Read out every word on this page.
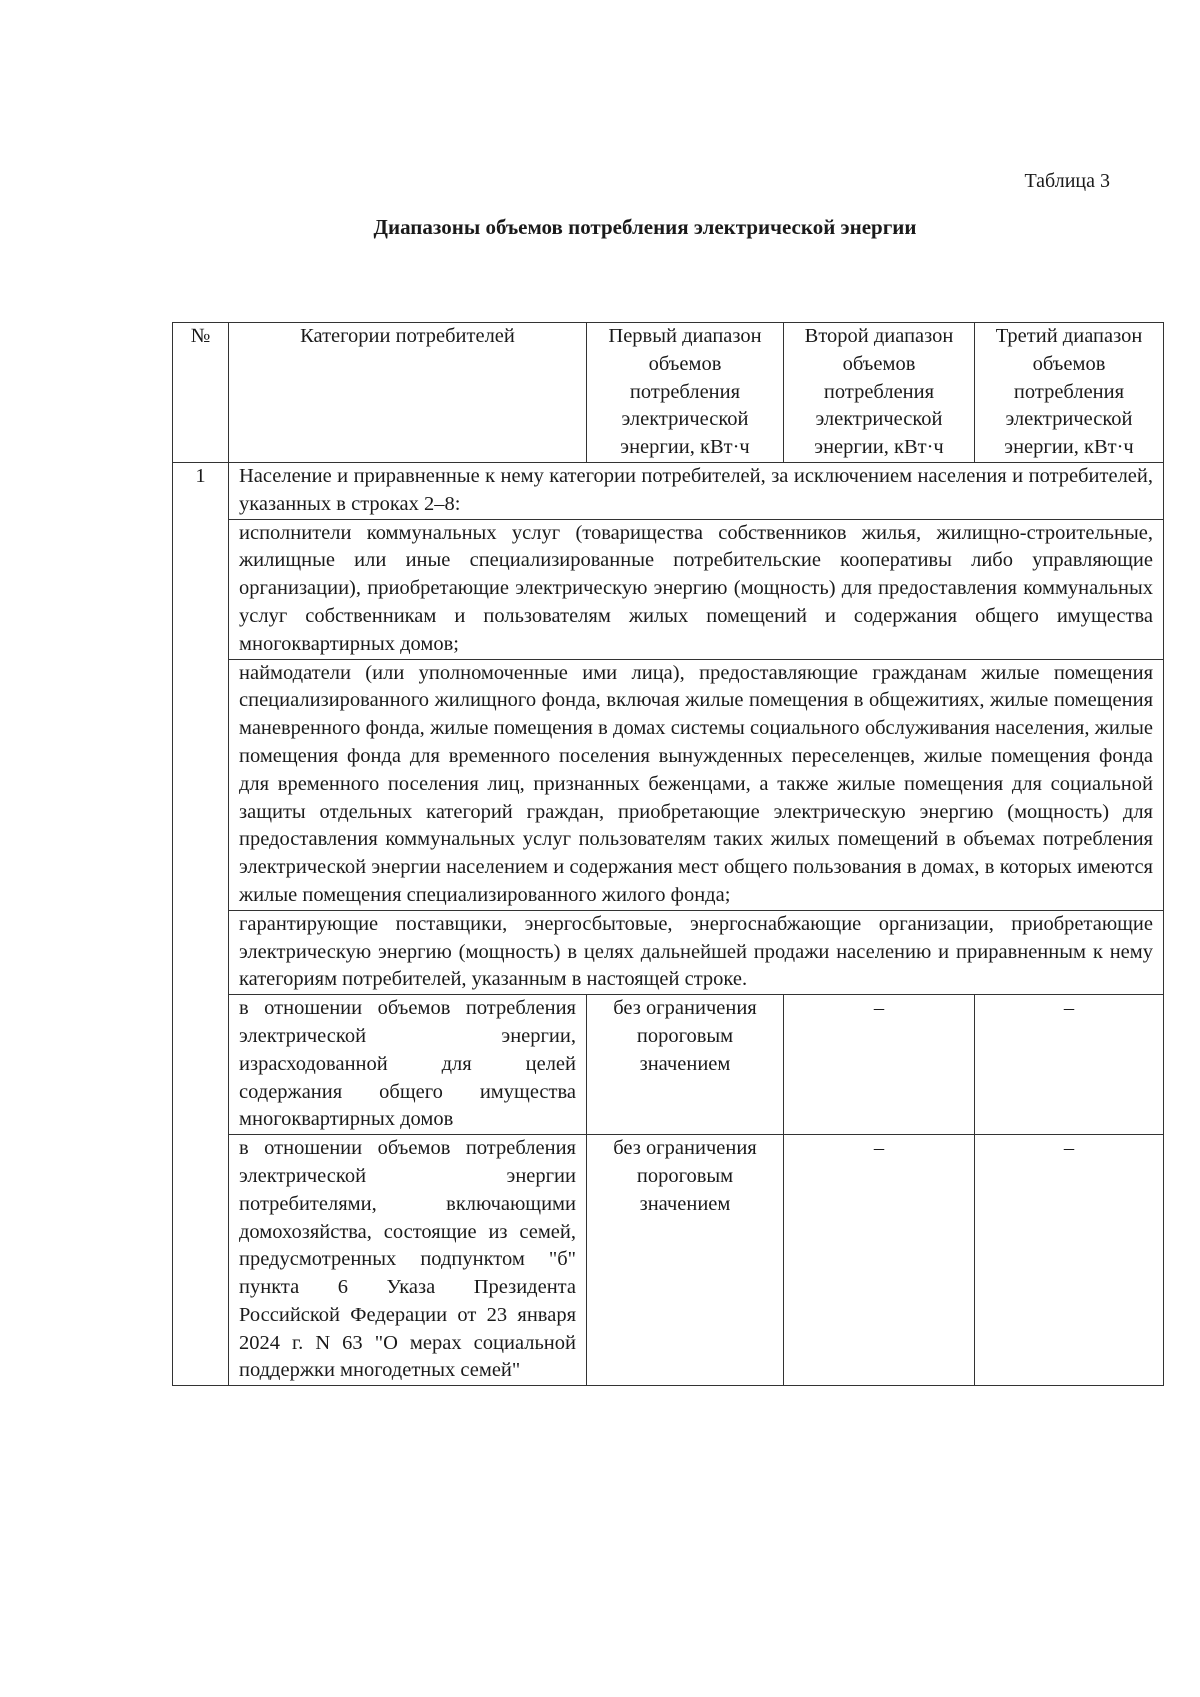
Таблица 3
Диапазоны объемов потребления электрической энергии
№	Категории потребителей	Первый диапазон объемов потребления электрической энергии, кВт·ч	Второй диапазон объемов потребления электрической энергии, кВт·ч	Третий диапазон объемов потребления электрической энергии, кВт·ч
1	Население и приравненные к нему категории потребителей, за исключением населения и потребителей, указанных в строках 2–8:			
	исполнители коммунальных услуг (товарищества собственников жилья, жилищно-строительные, жилищные или иные специализированные потребительские кооперативы либо управляющие организации), приобретающие электрическую энергию (мощность) для предоставления коммунальных услуг собственникам и пользователям жилых помещений и содержания общего имущества многоквартирных домов;			
	наймодатели (или уполномоченные ими лица), предоставляющие гражданам жилые помещения специализированного жилищного фонда, включая жилые помещения в общежитиях, жилые помещения маневренного фонда, жилые помещения в домах системы социального обслуживания населения, жилые помещения фонда для временного поселения вынужденных переселенцев, жилые помещения фонда для временного поселения лиц, признанных беженцами, а также жилые помещения для социальной защиты отдельных категорий граждан, приобретающие электрическую энергию (мощность) для предоставления коммунальных услуг пользователям таких жилых помещений в объемах потребления электрической энергии населением и содержания мест общего пользования в домах, в которых имеются жилые помещения специализированного жилого фонда;			
	гарантирующие поставщики, энергосбытовые, энергоснабжающие организации, приобретающие электрическую энергию (мощность) в целях дальнейшей продажи населению и приравненным к нему категориям потребителей, указанным в настоящей строке.			
	в отношении объемов потребления электрической энергии, израсходованной для целей содержания общего имущества многоквартирных домов	без ограничения пороговым значением	–	–
	в отношении объемов потребления электрической энергии потребителями, включающими домохозяйства, состоящие из семей, предусмотренных подпунктом "б" пункта 6 Указа Президента Российской Федерации от 23 января 2024 г. N 63 "О мерах социальной поддержки многодетных семей"	без ограничения пороговым значением	–	–
